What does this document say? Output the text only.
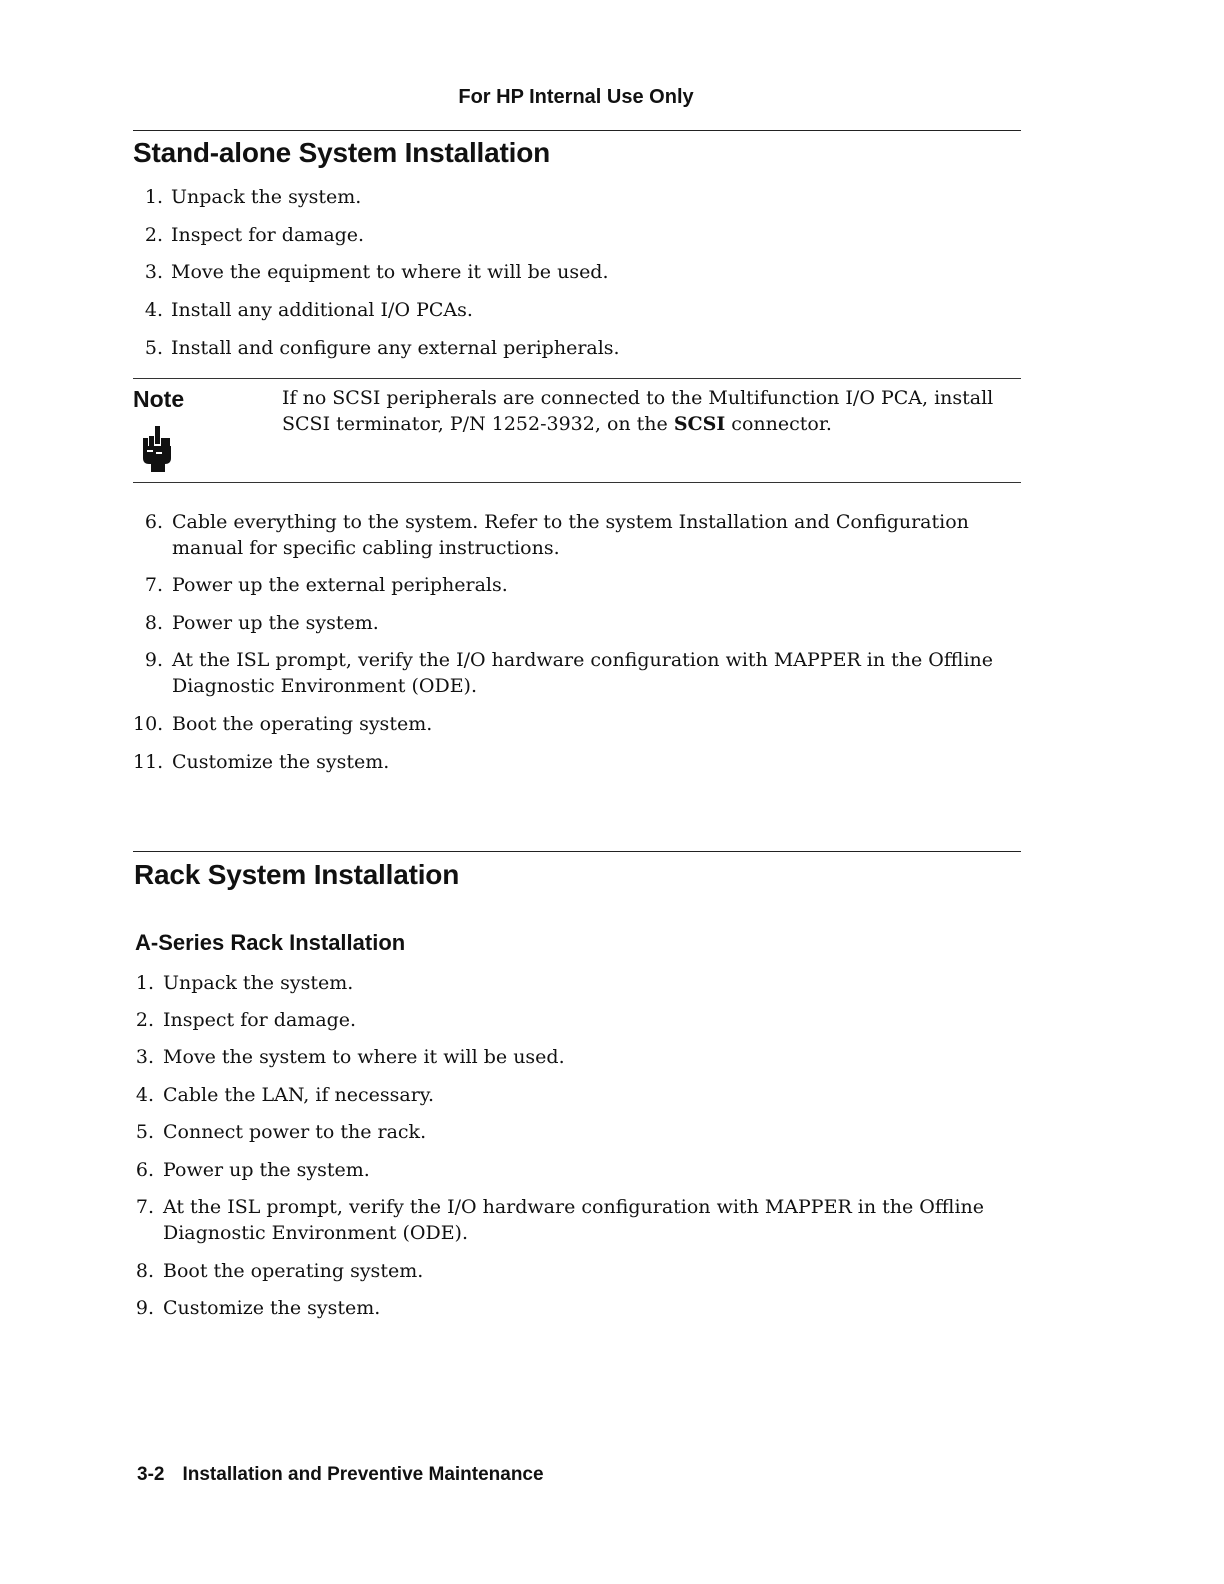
For HP Internal Use Only
Stand-alone System Installation
1. Unpack the system.
2. Inspect for damage.
3. Move the equipment to where it will be used.
4. Install any additional I/O PCAs.
5. Install and configure any external peripherals.
Note	If no SCSI peripherals are connected to the Multifunction I/O PCA, install SCSI terminator, P/N 1252-3932, on the SCSI connector.
6. Cable everything to the system. Refer to the system Installation and Configuration
manual for specific cabling instructions.
7. Power up the external peripherals.
8. Power up the system.
9. At the ISL prompt, verify the I/O hardware configuration with MAPPER in the Offline
Diagnostic Environment (ODE).
10. Boot the operating system.
11. Customize the system.
Rack System Installation
A-Series Rack Installation
1. Unpack the system.
2. Inspect for damage.
3. Move the system to where it will be used.
4. Cable the LAN, if necessary.
5. Connect power to the rack.
6. Power up the system.
7. At the ISL prompt, verify the I/O hardware configuration with MAPPER in the Offline
Diagnostic Environment (ODE).
8. Boot the operating system.
9. Customize the system.
3-2 Installation and Preventive Maintenance
